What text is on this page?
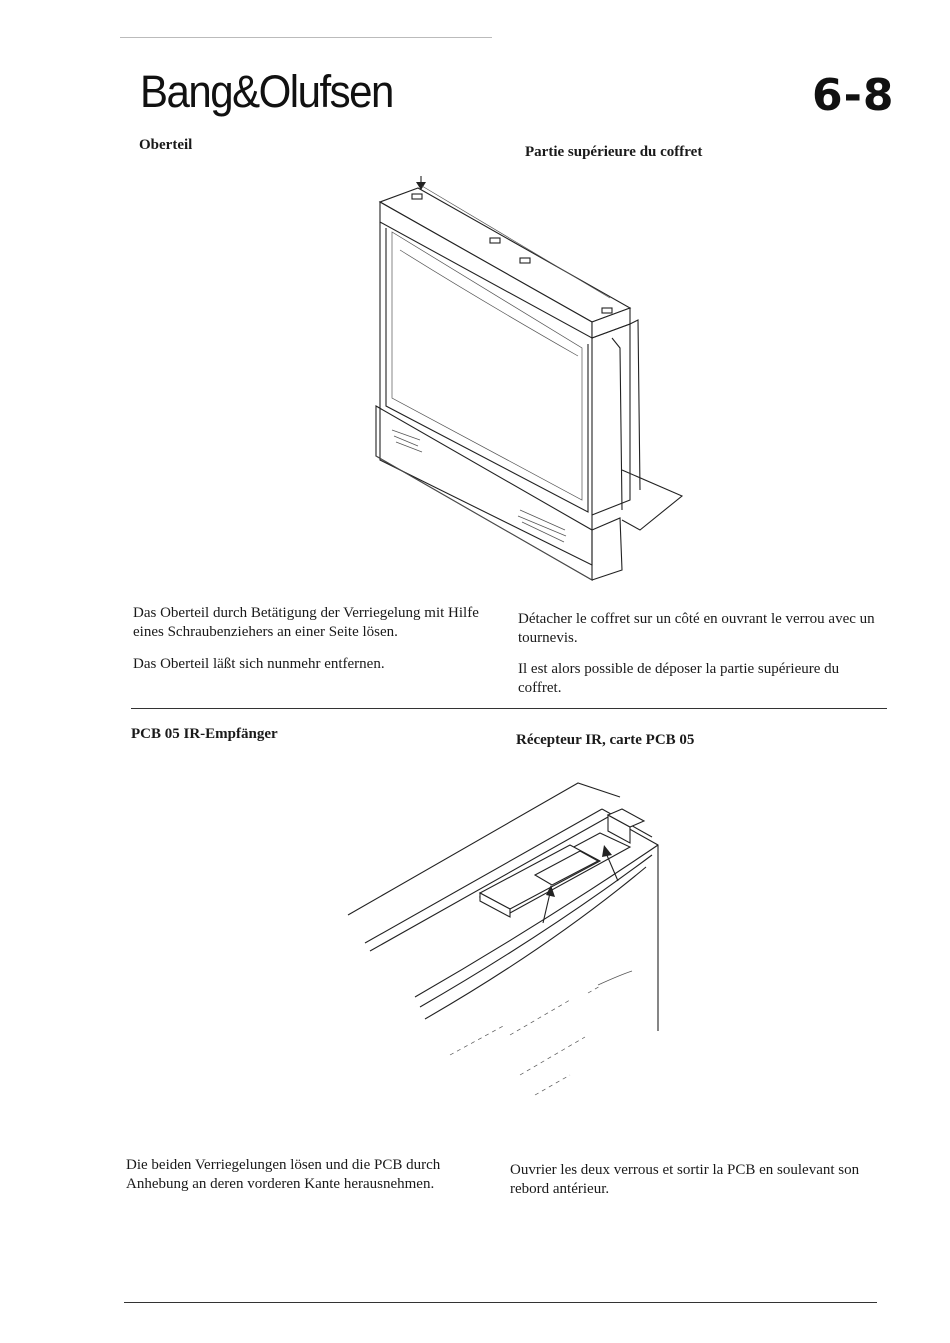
Bang&Olufsen	6-8
Oberteil	Partie supérieure du coffret
Das Oberteil durch Betätigung der Verriegelung mit Hilfe eines Schraubenziehers an einer Seite lösen.
Das Oberteil läßt sich nunmehr entfernen.
Détacher le coffret sur un côté en ouvrant le verrou avec un tournevis.
Il est alors possible de déposer la partie supérieure du coffret.
PCB 05 IR-Empfänger	Récepteur IR, carte PCB 05
Die beiden Verriegelungen lösen und die PCB durch Anhebung an deren vorderen Kante herausnehmen.
Ouvrier les deux verrous et sortir la PCB en soulevant son rebord antérieur.
